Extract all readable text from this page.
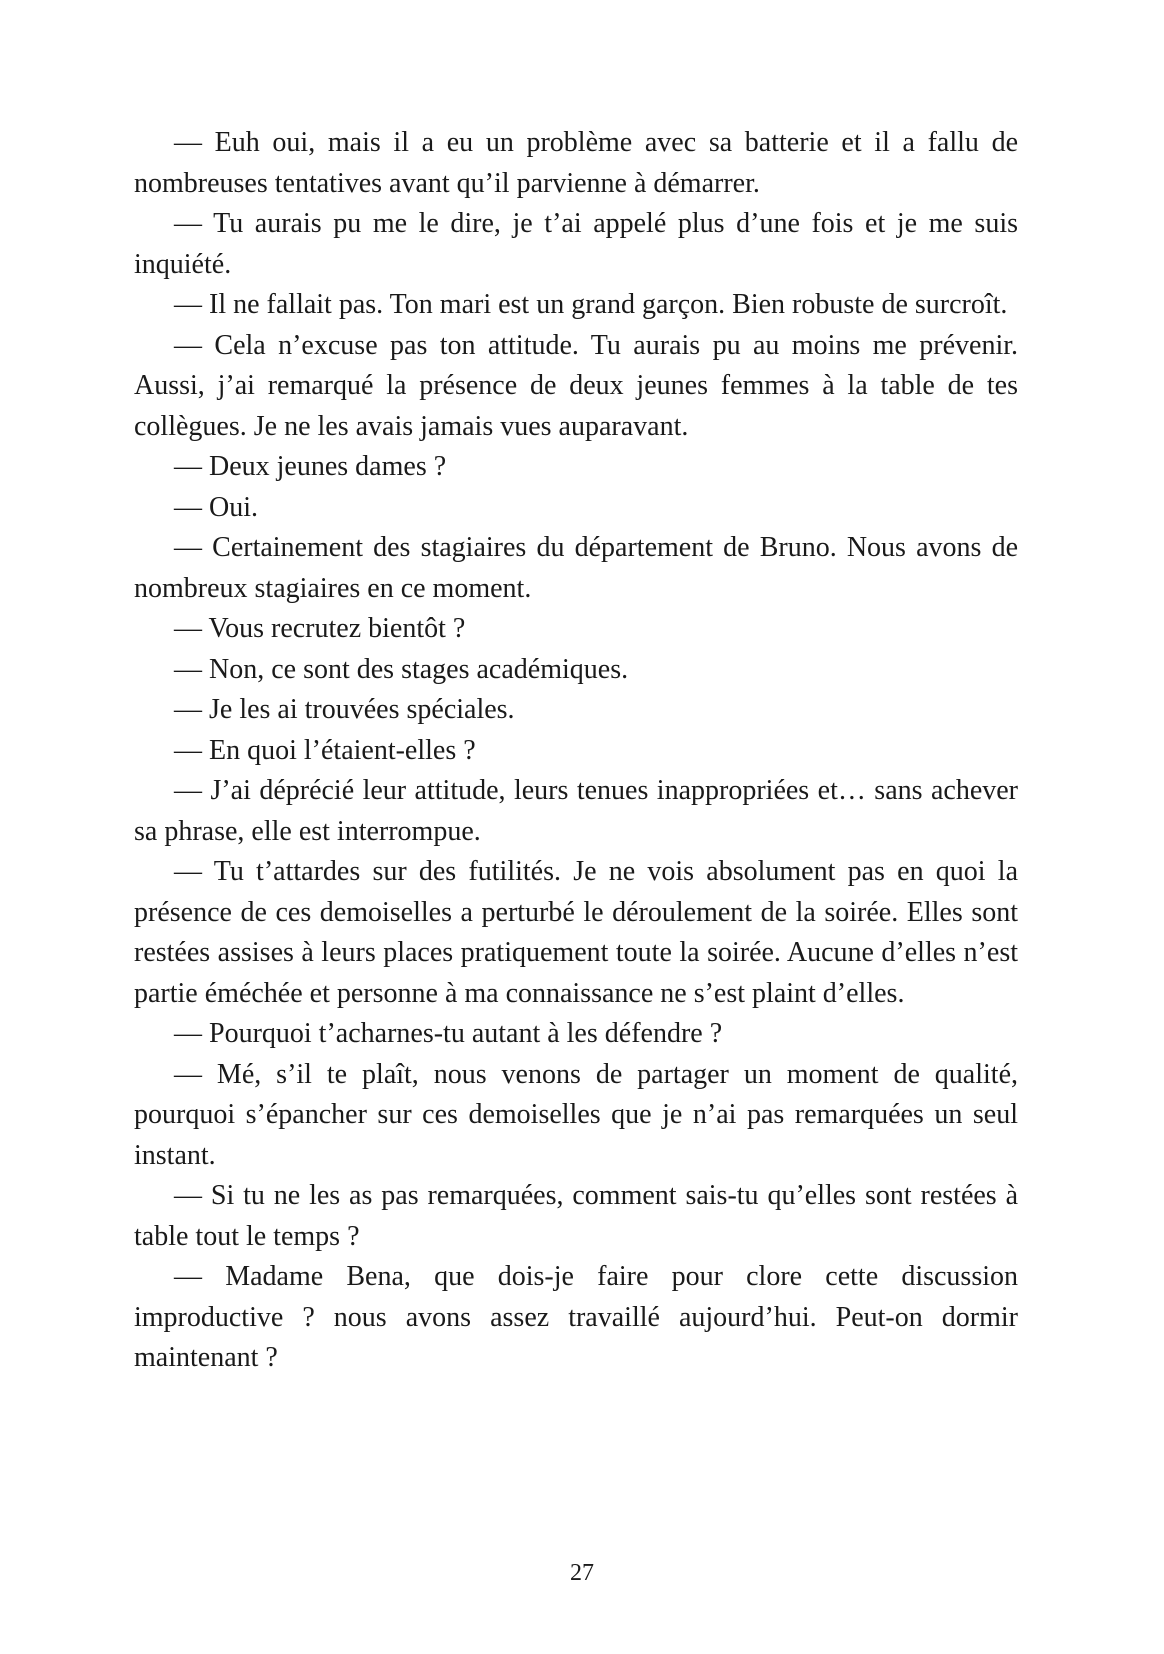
— Euh oui, mais il a eu un problème avec sa batterie et il a fallu de nombreuses tentatives avant qu’il parvienne à démarrer.

— Tu aurais pu me le dire, je t’ai appelé plus d’une fois et je me suis inquiété.

— Il ne fallait pas. Ton mari est un grand garçon. Bien robuste de surcroît.

— Cela n’excuse pas ton attitude. Tu aurais pu au moins me prévenir. Aussi, j’ai remarqué la présence de deux jeunes femmes à la table de tes collègues. Je ne les avais jamais vues auparavant.

— Deux jeunes dames ?

— Oui.

— Certainement des stagiaires du département de Bruno. Nous avons de nombreux stagiaires en ce moment.

— Vous recrutez bientôt ?

— Non, ce sont des stages académiques.

— Je les ai trouvées spéciales.

— En quoi l’étaient-elles ?

— J’ai déprécié leur attitude, leurs tenues inappropriées et… sans achever sa phrase, elle est interrompue.

— Tu t’attardes sur des futilités. Je ne vois absolument pas en quoi la présence de ces demoiselles a perturbé le déroulement de la soirée. Elles sont restées assises à leurs places pratiquement toute la soirée. Aucune d’elles n’est partie éméchée et personne à ma connaissance ne s’est plaint d’elles.

— Pourquoi t’acharnes-tu autant à les défendre ?

— Mé, s’il te plaît, nous venons de partager un moment de qualité, pourquoi s’épancher sur ces demoiselles que je n’ai pas remarquées un seul instant.

— Si tu ne les as pas remarquées, comment sais-tu qu’elles sont restées à table tout le temps ?

— Madame Bena, que dois-je faire pour clore cette discussion improductive ? nous avons assez travaillé aujourd’hui. Peut-on dormir maintenant ?

27
